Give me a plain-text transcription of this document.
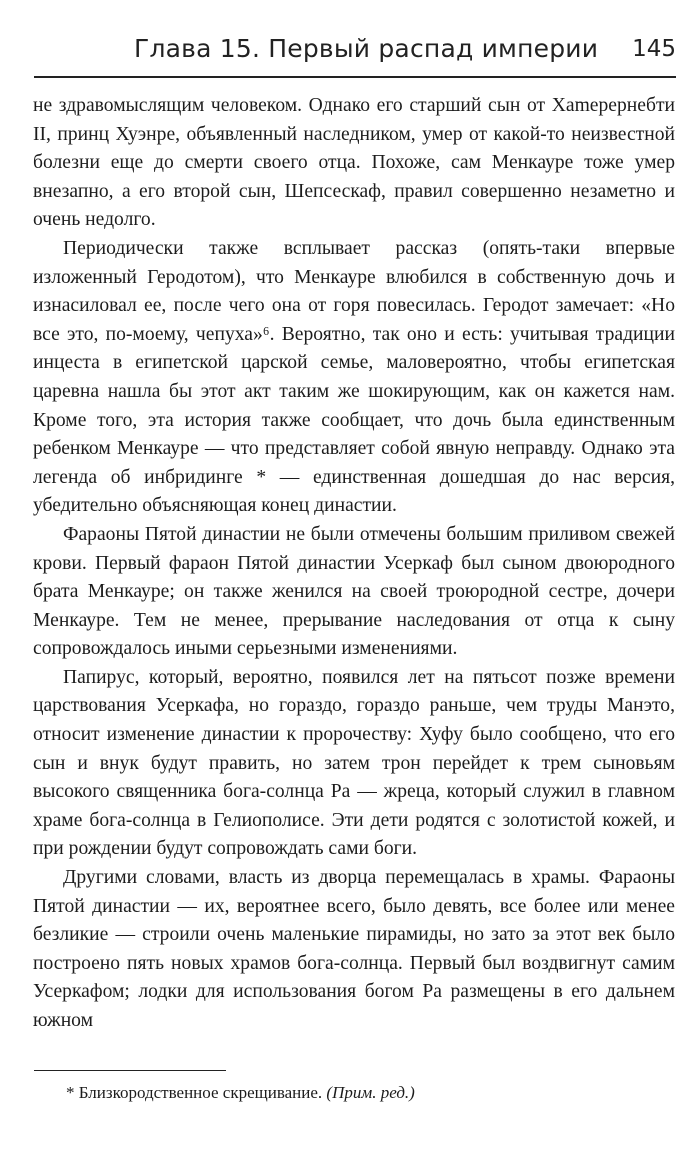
Глава 15. Первый распад империи 145

не здравомыслящим человеком. Однако его старший сын от Хаmерернебти II, принц Хуэнре, объявленный наследником, умер от какой-то неизвестной болезни еще до смерти своего отца. Похоже, сам Менкауре тоже умер внезапно, а его второй сын, Шепсескаф, правил совершенно незаметно и очень недолго.

Периодически также всплывает рассказ (опять-таки впервые изложенный Геродотом), что Менкауре влюбился в собственную дочь и изнасиловал ее, после чего она от горя повесилась. Геродот замечает: «Но все это, по-моему, чепуха»⁶. Вероятно, так оно и есть: учитывая традиции инцеста в египетской царской семье, маловероятно, чтобы египетская царевна нашла бы этот акт таким же шокирующим, как он кажется нам. Кроме того, эта история также сообщает, что дочь была единственным ребенком Менкауре — что представляет собой явную неправду. Однако эта легенда об инбридинге * — единственная дошедшая до нас версия, убедительно объясняющая конец династии.

Фараоны Пятой династии не были отмечены большим приливом свежей крови. Первый фараон Пятой династии Усеркаф был сыном двоюродного брата Менкауре; он также женился на своей троюродной сестре, дочери Менкауре. Тем не менее, прерывание наследования от отца к сыну сопровождалось иными серьезными изменениями.

Папирус, который, вероятно, появился лет на пятьсот позже времени царствования Усеркафа, но гораздо, гораздо раньше, чем труды Манэто, относит изменение династии к пророчеству: Хуфу было сообщено, что его сын и внук будут править, но затем трон перейдет к трем сыновьям высокого священника бога-солнца Ра — жреца, который служил в главном храме бога-солнца в Гелиополисе. Эти дети родятся с золотистой кожей, и при рождении будут сопровождать сами боги.

Другими словами, власть из дворца перемещалась в храмы. Фараоны Пятой династии — их, вероятнее всего, было девять, все более или менее безликие — строили очень маленькие пирамиды, но зато за этот век было построено пять новых храмов бога-солнца. Первый был воздвигнут самим Усеркафом; лодки для использования богом Ра размещены в его дальнем южном

* Близкородственное скрещивание. (Прим. ред.)
